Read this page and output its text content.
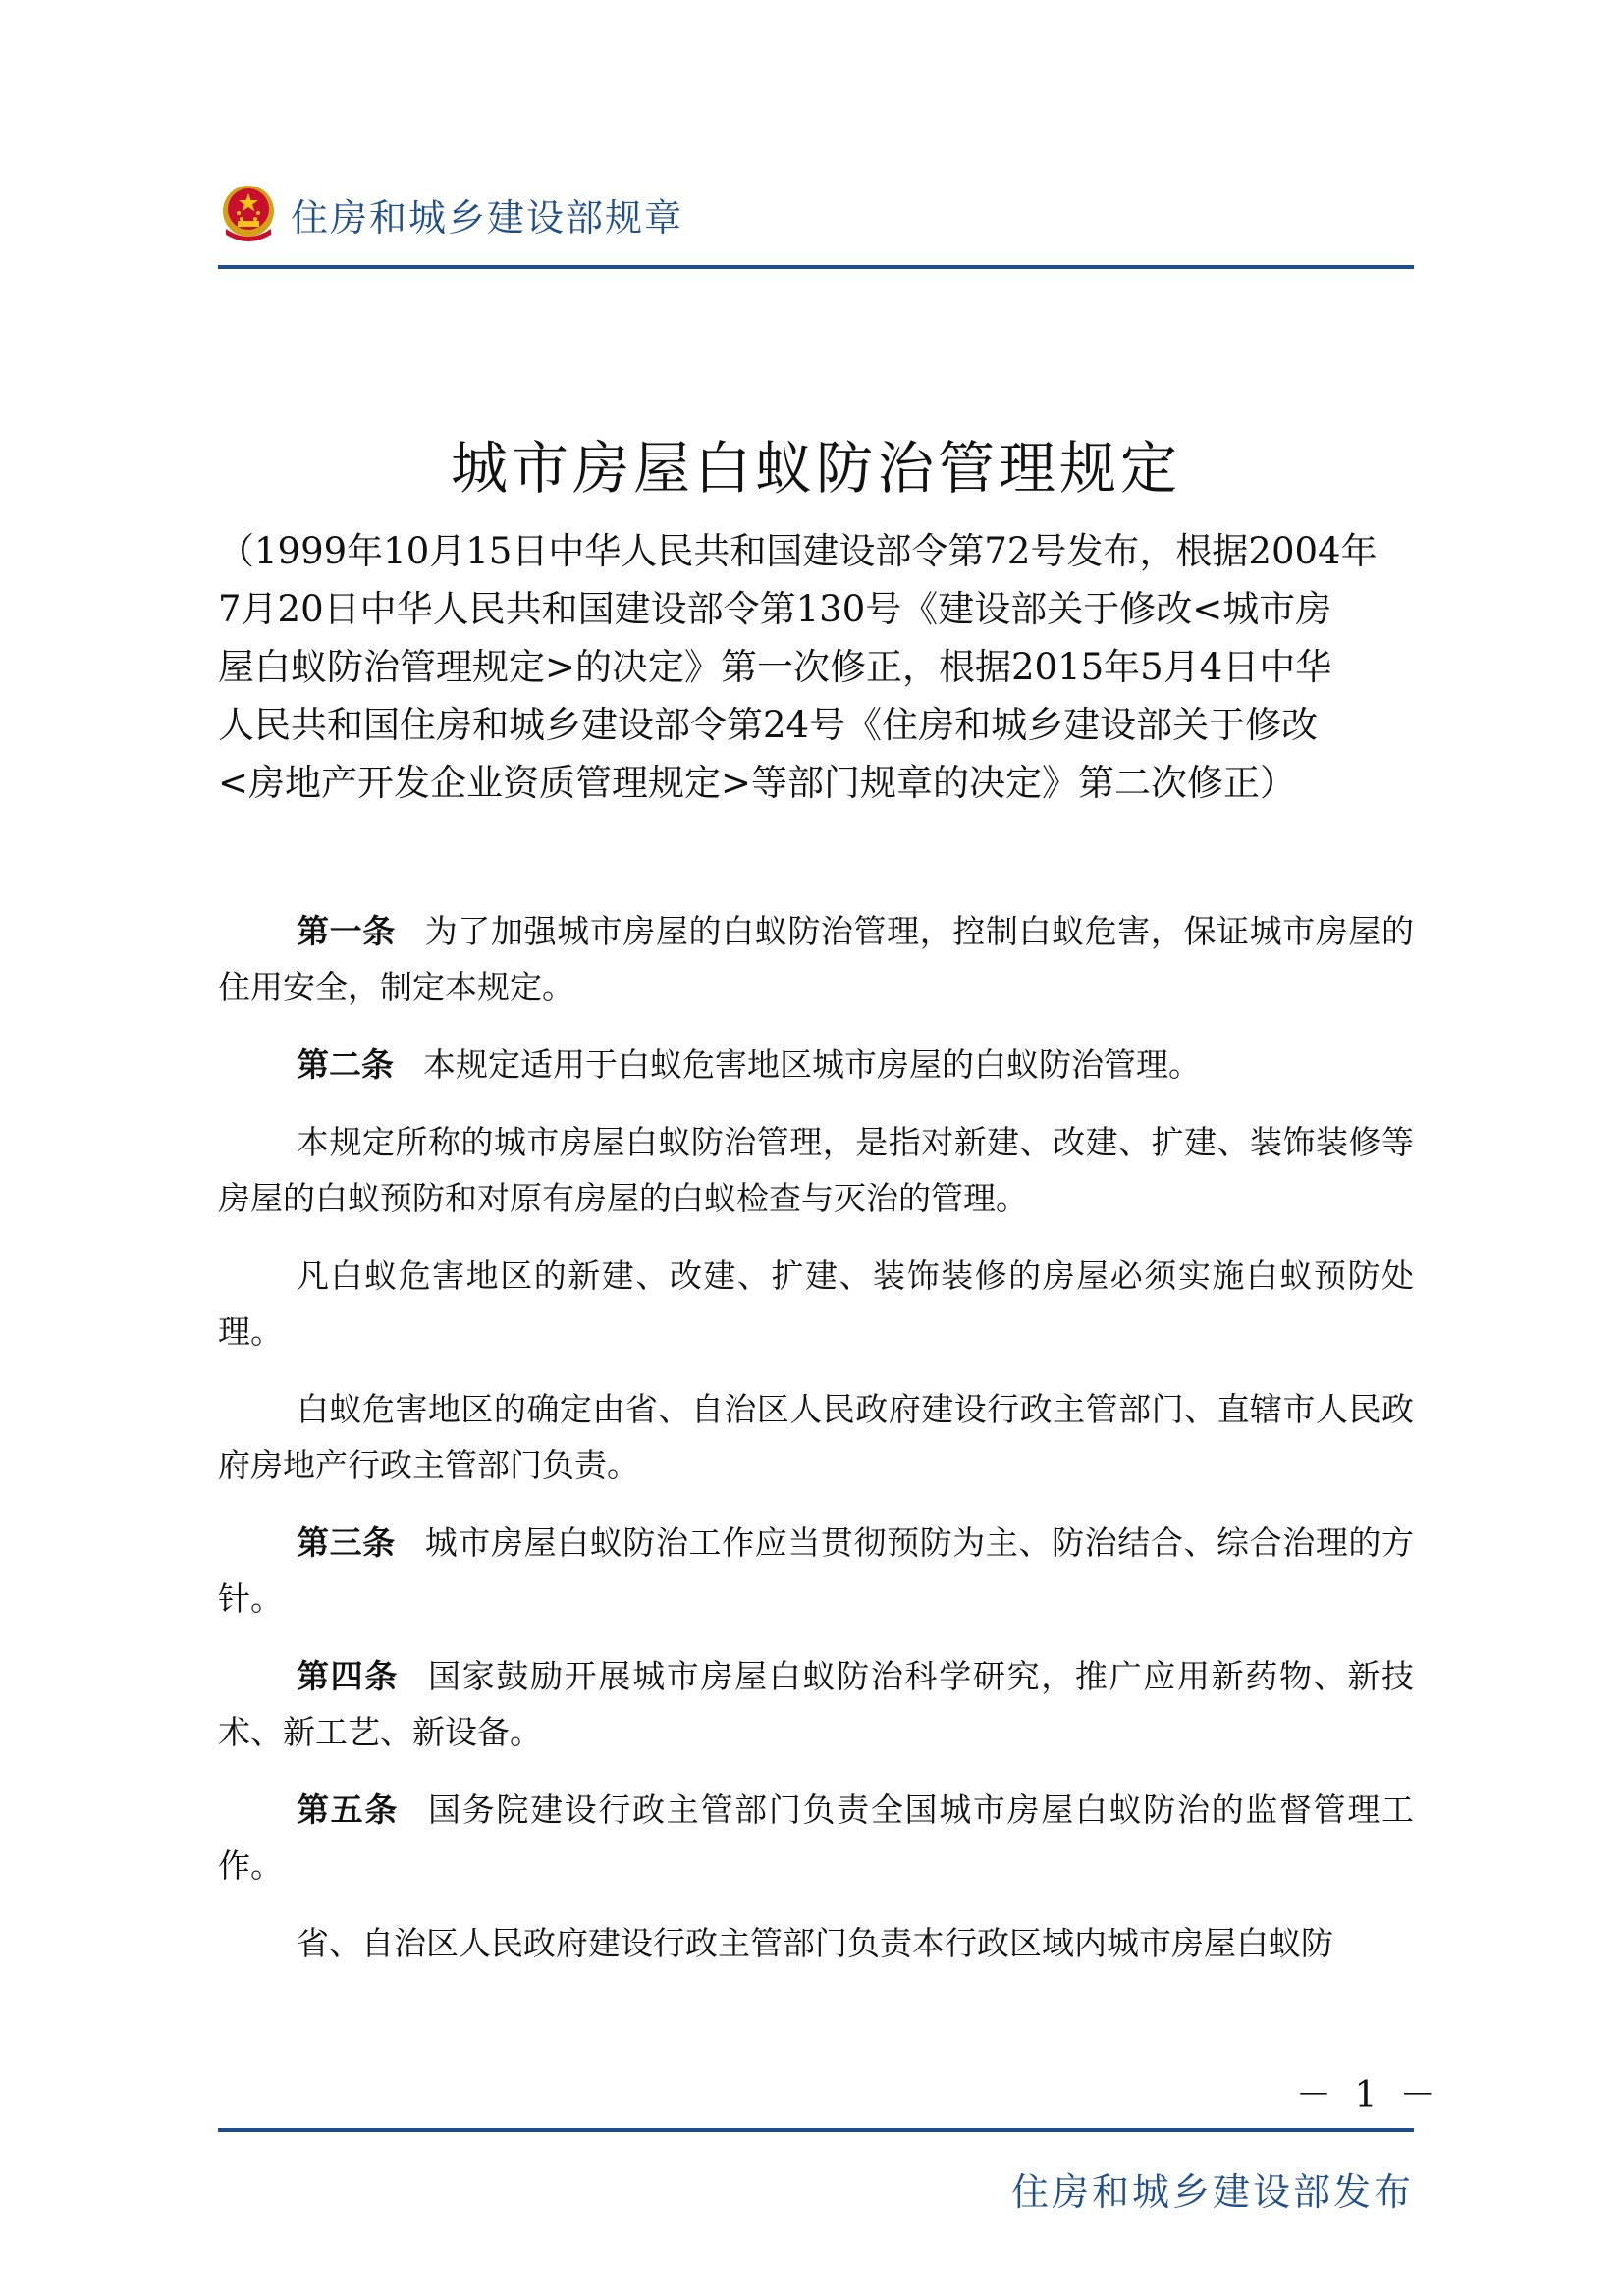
住房和城乡建设部规章
城市房屋白蚁防治管理规定
（1999年10月15日中华人民共和国建设部令第72号发布，根据2004年
7月20日中华人民共和国建设部令第130号《建设部关于修改<城市房
屋白蚁防治管理规定>的决定》第一次修正，根据2015年5月4日中华
人民共和国住房和城乡建设部令第24号《住房和城乡建设部关于修改
<房地产开发企业资质管理规定>等部门规章的决定》第二次修正）

第一条 为了加强城市房屋的白蚁防治管理，控制白蚁危害，保证城市房屋的住用安全，制定本规定。

第二条 本规定适用于白蚁危害地区城市房屋的白蚁防治管理。

本规定所称的城市房屋白蚁防治管理，是指对新建、改建、扩建、装饰装修等房屋的白蚁预防和对原有房屋的白蚁检查与灭治的管理。

凡白蚁危害地区的新建、改建、扩建、装饰装修的房屋必须实施白蚁预防处理。

白蚁危害地区的确定由省、自治区人民政府建设行政主管部门、直辖市人民政府房地产行政主管部门负责。

第三条 城市房屋白蚁防治工作应当贯彻预防为主、防治结合、综合治理的方针。

第四条 国家鼓励开展城市房屋白蚁防治科学研究，推广应用新药物、新技术、新工艺、新设备。

第五条 国务院建设行政主管部门负责全国城市房屋白蚁防治的监督管理工作。

省、自治区人民政府建设行政主管部门负责本行政区域内城市房屋白蚁防

－ 1 －
住房和城乡建设部发布
